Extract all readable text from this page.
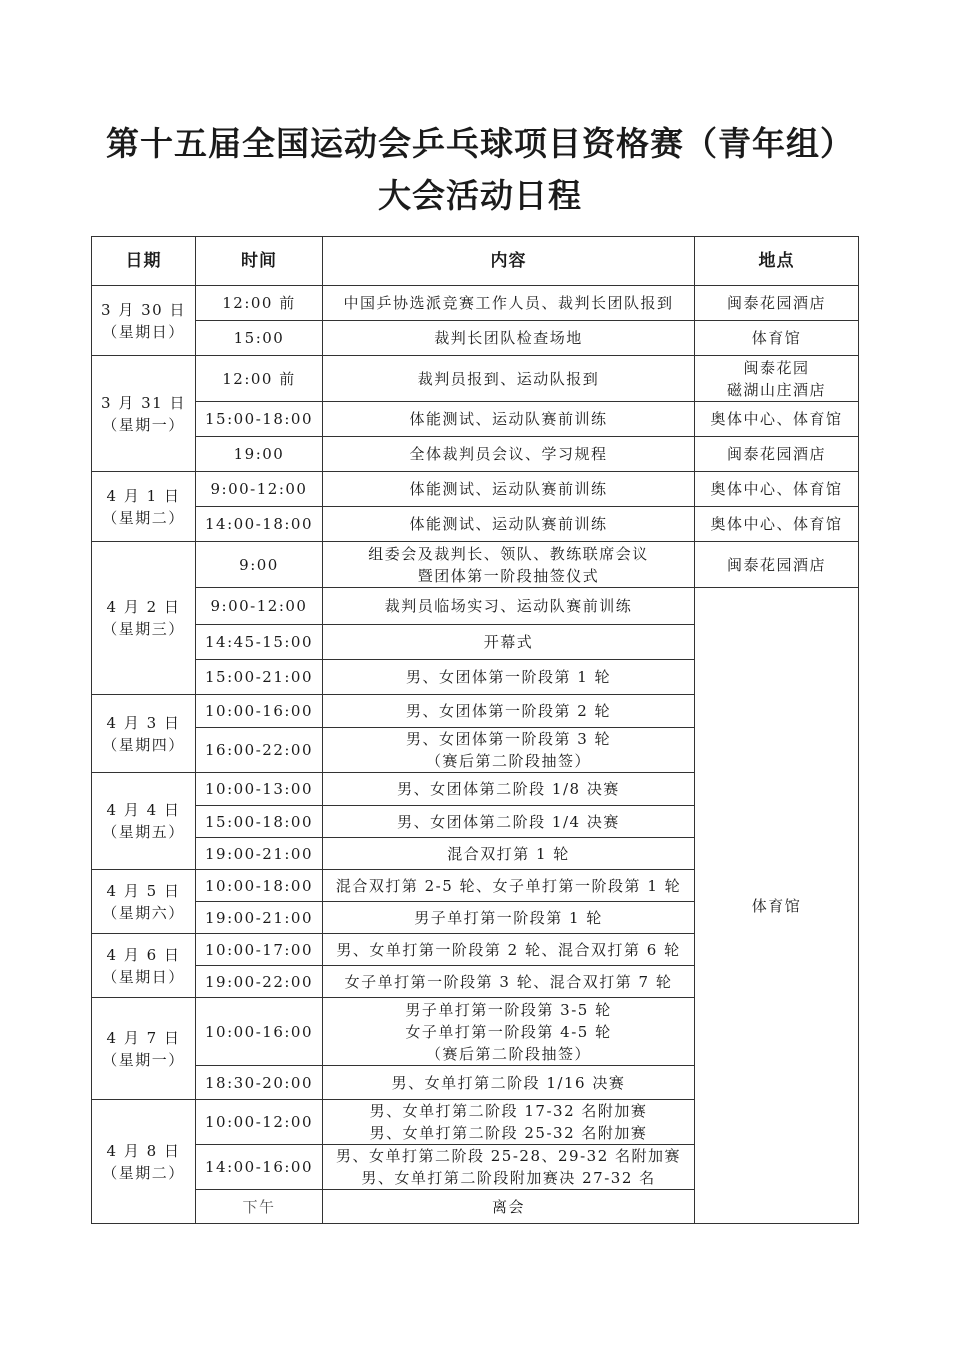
第十五届全国运动会乒乓球项目资格赛（青年组）
大会活动日程
日期	时间	内容	地点	

3 月 30 日
（星期日）	12:00 前	中国乒协选派竞赛工作人员、裁判长团队报到	闽泰花园酒店	
	15:00	裁判长团队检查场地	体育馆	

3 月 31 日
（星期一）	12:00 前	裁判员报到、运动队报到	闽泰花园
磁湖山庄酒店	

	15:00-18:00	体能测试、运动队赛前训练	奥体中心、体育馆	
	19:00	全体裁判员会议、学习规程	闽泰花园酒店	

4 月 1 日
（星期二）	9:00-12:00	体能测试、运动队赛前训练	奥体中心、体育馆	
	14:00-18:00	体能测试、运动队赛前训练	奥体中心、体育馆	

4 月 2 日
（星期三）	9:00	组委会及裁判长、领队、教练联席会议
暨团体第一阶段抽签仪式	闽泰花园酒店	
	9:00-12:00	裁判员临场实习、运动队赛前训练	体育馆	
	14:45-15:00	开幕式		
	15:00-21:00	男、女团体第一阶段第 1 轮		

4 月 3 日
（星期四）	10:00-16:00	男、女团体第一阶段第 2 轮		
	16:00-22:00	男、女团体第一阶段第 3 轮
（赛后第二阶段抽签）		

4 月 4 日
（星期五）	10:00-13:00	男、女团体第二阶段 1/8 决赛		
	15:00-18:00	男、女团体第二阶段 1/4 决赛		
	19:00-21:00	混合双打第 1 轮		

4 月 5 日
（星期六）	10:00-18:00	混合双打第 2-5 轮、女子单打第一阶段第 1 轮		
	19:00-21:00	男子单打第一阶段第 1 轮		

4 月 6 日
（星期日）	10:00-17:00	男、女单打第一阶段第 2 轮、混合双打第 6 轮		
	19:00-22:00	女子单打第一阶段第 3 轮、混合双打第 7 轮		

4 月 7 日
（星期一）	10:00-16:00	男子单打第一阶段第 3-5 轮
女子单打第一阶段第 4-5 轮
（赛后第二阶段抽签）		

	18:30-20:00	男、女单打第二阶段 1/16 决赛		

4 月 8 日
（星期二）	10:00-12:00	男、女单打第二阶段 17-32 名附加赛
男、女单打第二阶段 25-32 名附加赛		

	14:00-16:00	男、女单打第二阶段 25-28、29-32 名附加赛
男、女单打第二阶段附加赛决 27-32 名		

	下午	离会		
